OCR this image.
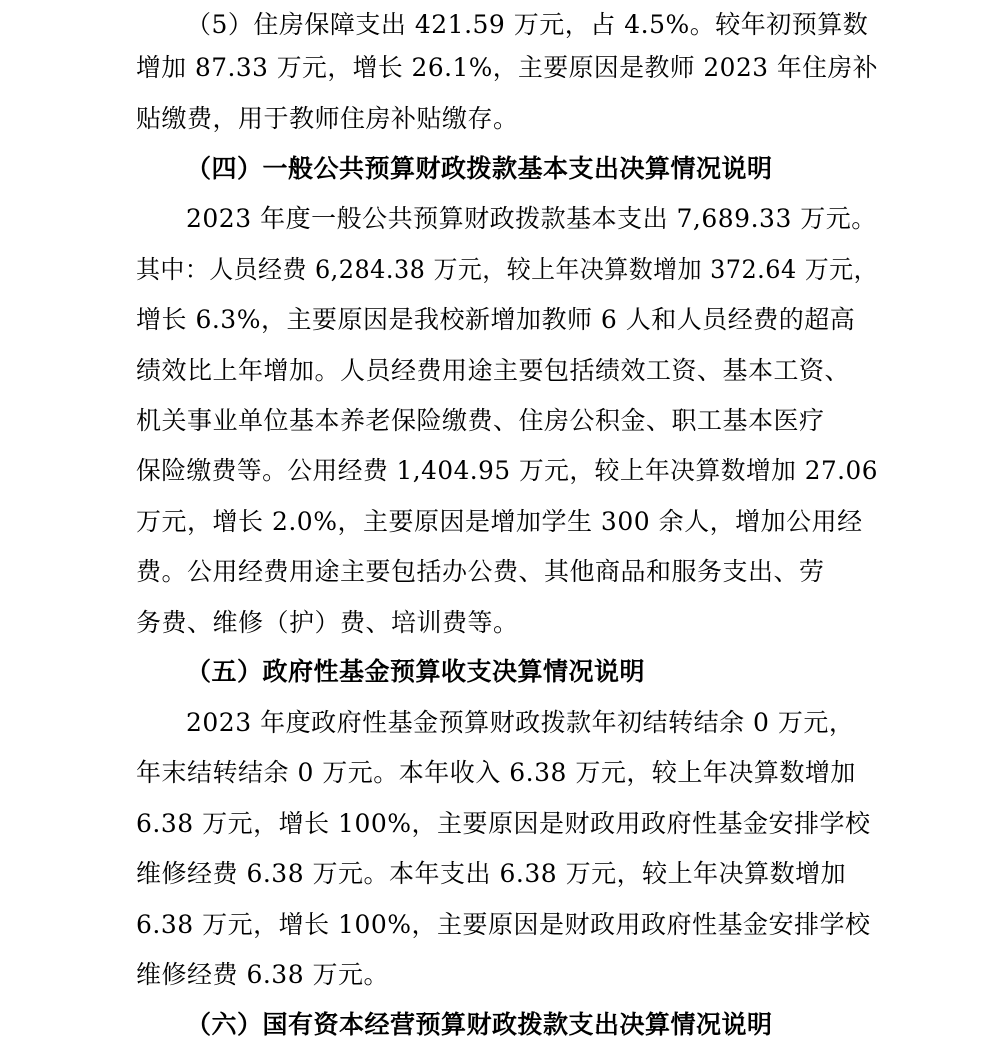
（5）住房保障支出 421.59 万元，占 4.5%。较年初预算数
增加 87.33 万元，增长 26.1%，主要原因是教师 2023 年住房补
贴缴费，用于教师住房补贴缴存。
（四）一般公共预算财政拨款基本支出决算情况说明
2023 年度一般公共预算财政拨款基本支出 7,689.33 万元。
其中：人员经费 6,284.38 万元，较上年决算数增加 372.64 万元，
增长 6.3%，主要原因是我校新增加教师 6 人和人员经费的超高
绩效比上年增加。人员经费用途主要包括绩效工资、基本工资、
机关事业单位基本养老保险缴费、住房公积金、职工基本医疗
保险缴费等。公用经费 1,404.95 万元，较上年决算数增加 27.06
万元，增长 2.0%，主要原因是增加学生 300 余人，增加公用经
费。公用经费用途主要包括办公费、其他商品和服务支出、劳
务费、维修（护）费、培训费等。
（五）政府性基金预算收支决算情况说明
2023 年度政府性基金预算财政拨款年初结转结余 0 万元，
年末结转结余 0 万元。本年收入 6.38 万元，较上年决算数增加
6.38 万元，增长 100%，主要原因是财政用政府性基金安排学校
维修经费 6.38 万元。本年支出 6.38 万元，较上年决算数增加
6.38 万元，增长 100%，主要原因是财政用政府性基金安排学校
维修经费 6.38 万元。
（六）国有资本经营预算财政拨款支出决算情况说明
